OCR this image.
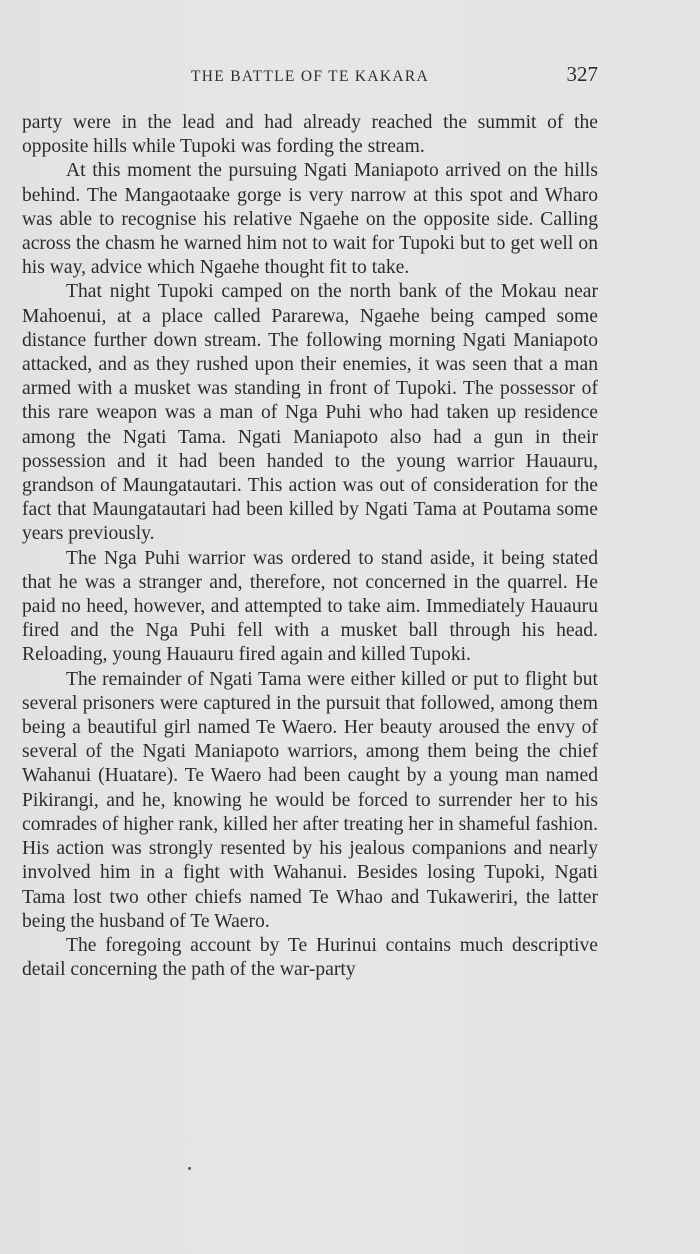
THE BATTLE OF TE KAKARA	327

party were in the lead and had already reached the summit of the opposite hills while Tupoki was fording the stream.

At this moment the pursuing Ngati Maniapoto arrived on the hills behind. The Mangaotaake gorge is very narrow at this spot and Wharo was able to recognise his relative Ngaehe on the opposite side. Calling across the chasm he warned him not to wait for Tupoki but to get well on his way, advice which Ngaehe thought fit to take.

That night Tupoki camped on the north bank of the Mokau near Mahoenui, at a place called Pararewa, Ngaehe being camped some distance further down stream. The following morning Ngati Maniapoto attacked, and as they rushed upon their enemies, it was seen that a man armed with a musket was standing in front of Tupoki. The possessor of this rare weapon was a man of Nga Puhi who had taken up residence among the Ngati Tama. Ngati Maniapoto also had a gun in their possession and it had been handed to the young warrior Hauauru, grandson of Maungatautari. This action was out of consideration for the fact that Maungatautari had been killed by Ngati Tama at Poutama some years previously.

The Nga Puhi warrior was ordered to stand aside, it being stated that he was a stranger and, therefore, not concerned in the quarrel. He paid no heed, however, and attempted to take aim. Immediately Hauauru fired and the Nga Puhi fell with a musket ball through his head. Reloading, young Hauauru fired again and killed Tupoki.

The remainder of Ngati Tama were either killed or put to flight but several prisoners were captured in the pursuit that followed, among them being a beautiful girl named Te Waero. Her beauty aroused the envy of several of the Ngati Maniapoto warriors, among them being the chief Wahanui (Huatare). Te Waero had been caught by a young man named Pikirangi, and he, knowing he would be forced to surrender her to his comrades of higher rank, killed her after treating her in shameful fashion. His action was strongly resented by his jealous companions and nearly involved him in a fight with Wahanui. Besides losing Tupoki, Ngati Tama lost two other chiefs named Te Whao and Tukaweriri, the latter being the husband of Te Waero.

The foregoing account by Te Hurinui contains much descriptive detail concerning the path of the war-party
